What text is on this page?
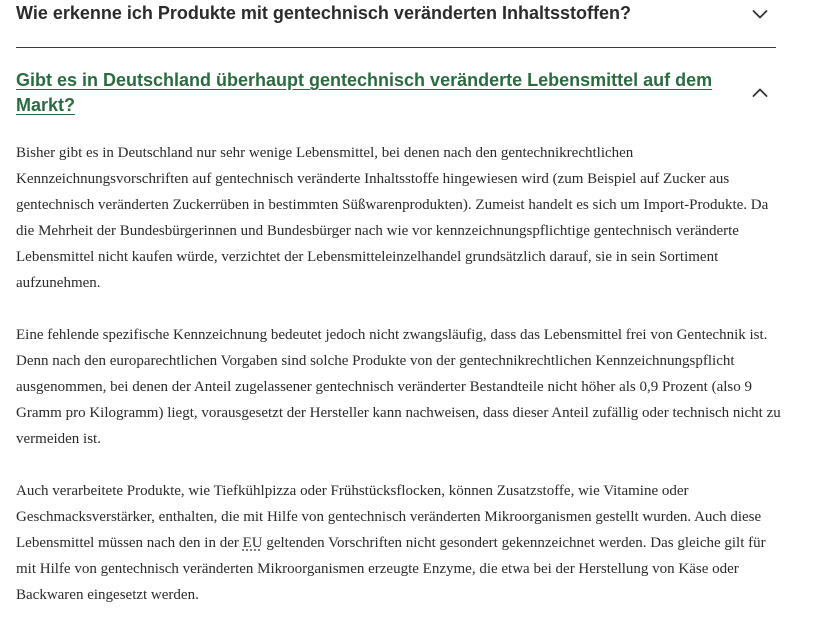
Wie erkenne ich Produkte mit gentechnisch veränderten Inhaltsstoffen?
Gibt es in Deutschland überhaupt gentechnisch veränderte Lebensmittel auf dem Markt?

Bisher gibt es in Deutschland nur sehr wenige Lebensmittel, bei denen nach den gentechnikrechtlichen Kennzeichnungsvorschriften auf gentechnisch veränderte Inhaltsstoffe hingewiesen wird (zum Beispiel auf Zucker aus gentechnisch veränderten Zuckerrüben in bestimmten Süßwarenprodukten). Zumeist handelt es sich um Import-Produkte. Da die Mehrheit der Bundesbürgerinnen und Bundesbürger nach wie vor kennzeichnungspflichtige gentechnisch veränderte Lebensmittel nicht kaufen würde, verzichtet der Lebensmitteleinzelhandel grundsätzlich darauf, sie in sein Sortiment aufzunehmen.

Eine fehlende spezifische Kennzeichnung bedeutet jedoch nicht zwangsläufig, dass das Lebensmittel frei von Gentechnik ist. Denn nach den europarechtlichen Vorgaben sind solche Produkte von der gentechnikrechtlichen Kennzeichnungspflicht ausgenommen, bei denen der Anteil zugelassener gentechnisch veränderter Bestandteile nicht höher als 0,9 Prozent (also 9 Gramm pro Kilogramm) liegt, vorausgesetzt der Hersteller kann nachweisen, dass dieser Anteil zufällig oder technisch nicht zu vermeiden ist.

Auch verarbeitete Produkte, wie Tiefkühlpizza oder Frühstücksflocken, können Zusatzstoffe, wie Vitamine oder Geschmacksverstärker, enthalten, die mit Hilfe von gentechnisch veränderten Mikroorganismen gestellt wurden. Auch diese Lebensmittel müssen nach den in der EU geltenden Vorschriften nicht gesondert gekennzeichnet werden. Das gleiche gilt für mit Hilfe von gentechnisch veränderten Mikroorganismen erzeugte Enzyme, die etwa bei der Herstellung von Käse oder Backwaren eingesetzt werden.
